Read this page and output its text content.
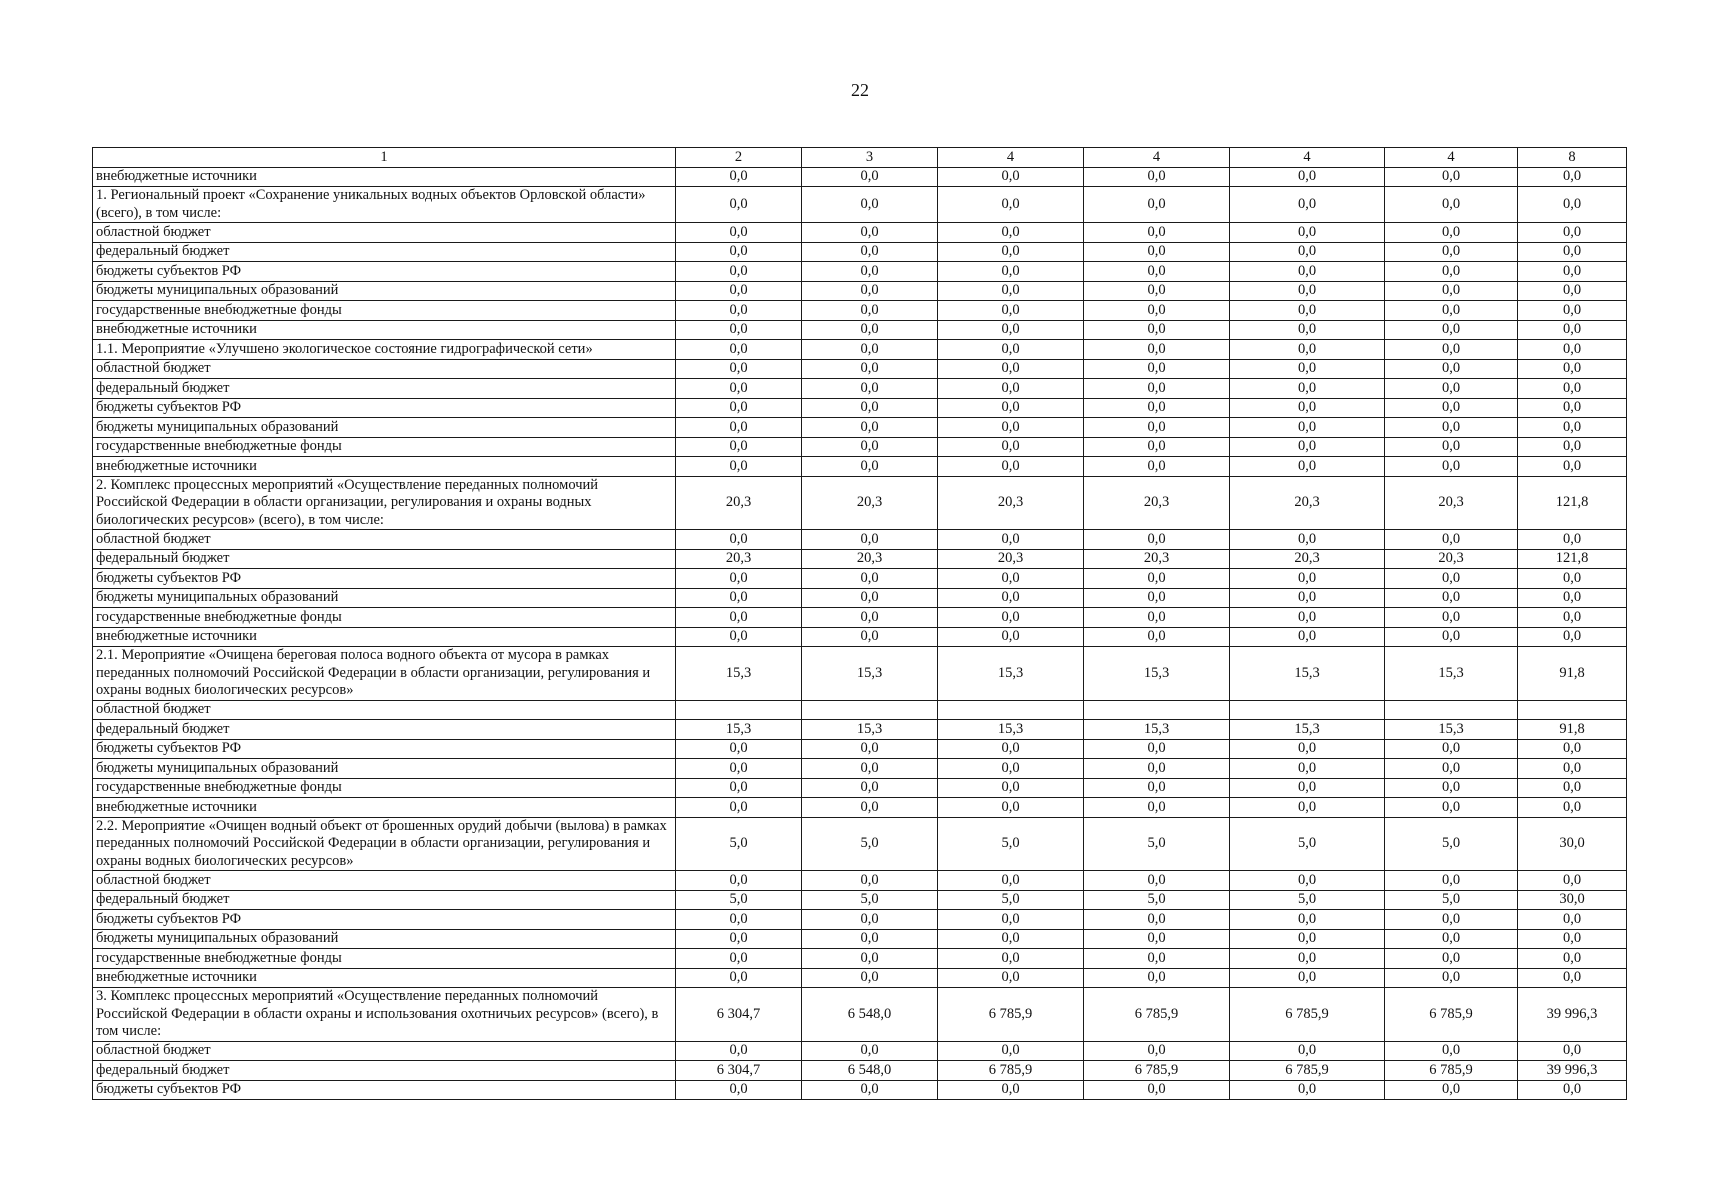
22
1	2	3	4	4	4	4	8
внебюджетные источники	0,0	0,0	0,0	0,0	0,0	0,0	0,0
1. Региональный проект «Сохранение уникальных водных объектов Орловской области» (всего), в том числе:	0,0	0,0	0,0	0,0	0,0	0,0	0,0
областной бюджет	0,0	0,0	0,0	0,0	0,0	0,0	0,0
федеральный бюджет	0,0	0,0	0,0	0,0	0,0	0,0	0,0
бюджеты субъектов РФ	0,0	0,0	0,0	0,0	0,0	0,0	0,0
бюджеты муниципальных образований	0,0	0,0	0,0	0,0	0,0	0,0	0,0
государственные внебюджетные фонды	0,0	0,0	0,0	0,0	0,0	0,0	0,0
внебюджетные источники	0,0	0,0	0,0	0,0	0,0	0,0	0,0
1.1. Мероприятие «Улучшено экологическое состояние гидрографической сети»	0,0	0,0	0,0	0,0	0,0	0,0	0,0
областной бюджет	0,0	0,0	0,0	0,0	0,0	0,0	0,0
федеральный бюджет	0,0	0,0	0,0	0,0	0,0	0,0	0,0
бюджеты субъектов РФ	0,0	0,0	0,0	0,0	0,0	0,0	0,0
бюджеты муниципальных образований	0,0	0,0	0,0	0,0	0,0	0,0	0,0
государственные внебюджетные фонды	0,0	0,0	0,0	0,0	0,0	0,0	0,0
внебюджетные источники	0,0	0,0	0,0	0,0	0,0	0,0	0,0
2. Комплекс процессных мероприятий «Осуществление переданных полномочий Российской Федерации в области организации, регулирования и охраны водных биологических ресурсов» (всего), в том числе:	20,3	20,3	20,3	20,3	20,3	20,3	121,8
областной бюджет	0,0	0,0	0,0	0,0	0,0	0,0	0,0
федеральный бюджет	20,3	20,3	20,3	20,3	20,3	20,3	121,8
бюджеты субъектов РФ	0,0	0,0	0,0	0,0	0,0	0,0	0,0
бюджеты муниципальных образований	0,0	0,0	0,0	0,0	0,0	0,0	0,0
государственные внебюджетные фонды	0,0	0,0	0,0	0,0	0,0	0,0	0,0
внебюджетные источники	0,0	0,0	0,0	0,0	0,0	0,0	0,0
2.1. Мероприятие «Очищена береговая полоса водного объекта от мусора в рамках переданных полномочий Российской Федерации в области организации, регулирования и охраны водных биологических ресурсов»	15,3	15,3	15,3	15,3	15,3	15,3	91,8
областной бюджет							
федеральный бюджет	15,3	15,3	15,3	15,3	15,3	15,3	91,8
бюджеты субъектов РФ	0,0	0,0	0,0	0,0	0,0	0,0	0,0
бюджеты муниципальных образований	0,0	0,0	0,0	0,0	0,0	0,0	0,0
государственные внебюджетные фонды	0,0	0,0	0,0	0,0	0,0	0,0	0,0
внебюджетные источники	0,0	0,0	0,0	0,0	0,0	0,0	0,0
2.2. Мероприятие «Очищен водный объект от брошенных орудий добычи (вылова) в рамках переданных полномочий Российской Федерации в области организации, регулирования и охраны водных биологических ресурсов»	5,0	5,0	5,0	5,0	5,0	5,0	30,0
областной бюджет	0,0	0,0	0,0	0,0	0,0	0,0	0,0
федеральный бюджет	5,0	5,0	5,0	5,0	5,0	5,0	30,0
бюджеты субъектов РФ	0,0	0,0	0,0	0,0	0,0	0,0	0,0
бюджеты муниципальных образований	0,0	0,0	0,0	0,0	0,0	0,0	0,0
государственные внебюджетные фонды	0,0	0,0	0,0	0,0	0,0	0,0	0,0
внебюджетные источники	0,0	0,0	0,0	0,0	0,0	0,0	0,0
3. Комплекс процессных мероприятий «Осуществление переданных полномочий Российской Федерации в области охраны и использования охотничьих ресурсов» (всего), в том числе:	6 304,7	6 548,0	6 785,9	6 785,9	6 785,9	6 785,9	39 996,3
областной бюджет	0,0	0,0	0,0	0,0	0,0	0,0	0,0
федеральный бюджет	6 304,7	6 548,0	6 785,9	6 785,9	6 785,9	6 785,9	39 996,3
бюджеты субъектов РФ	0,0	0,0	0,0	0,0	0,0	0,0	0,0
